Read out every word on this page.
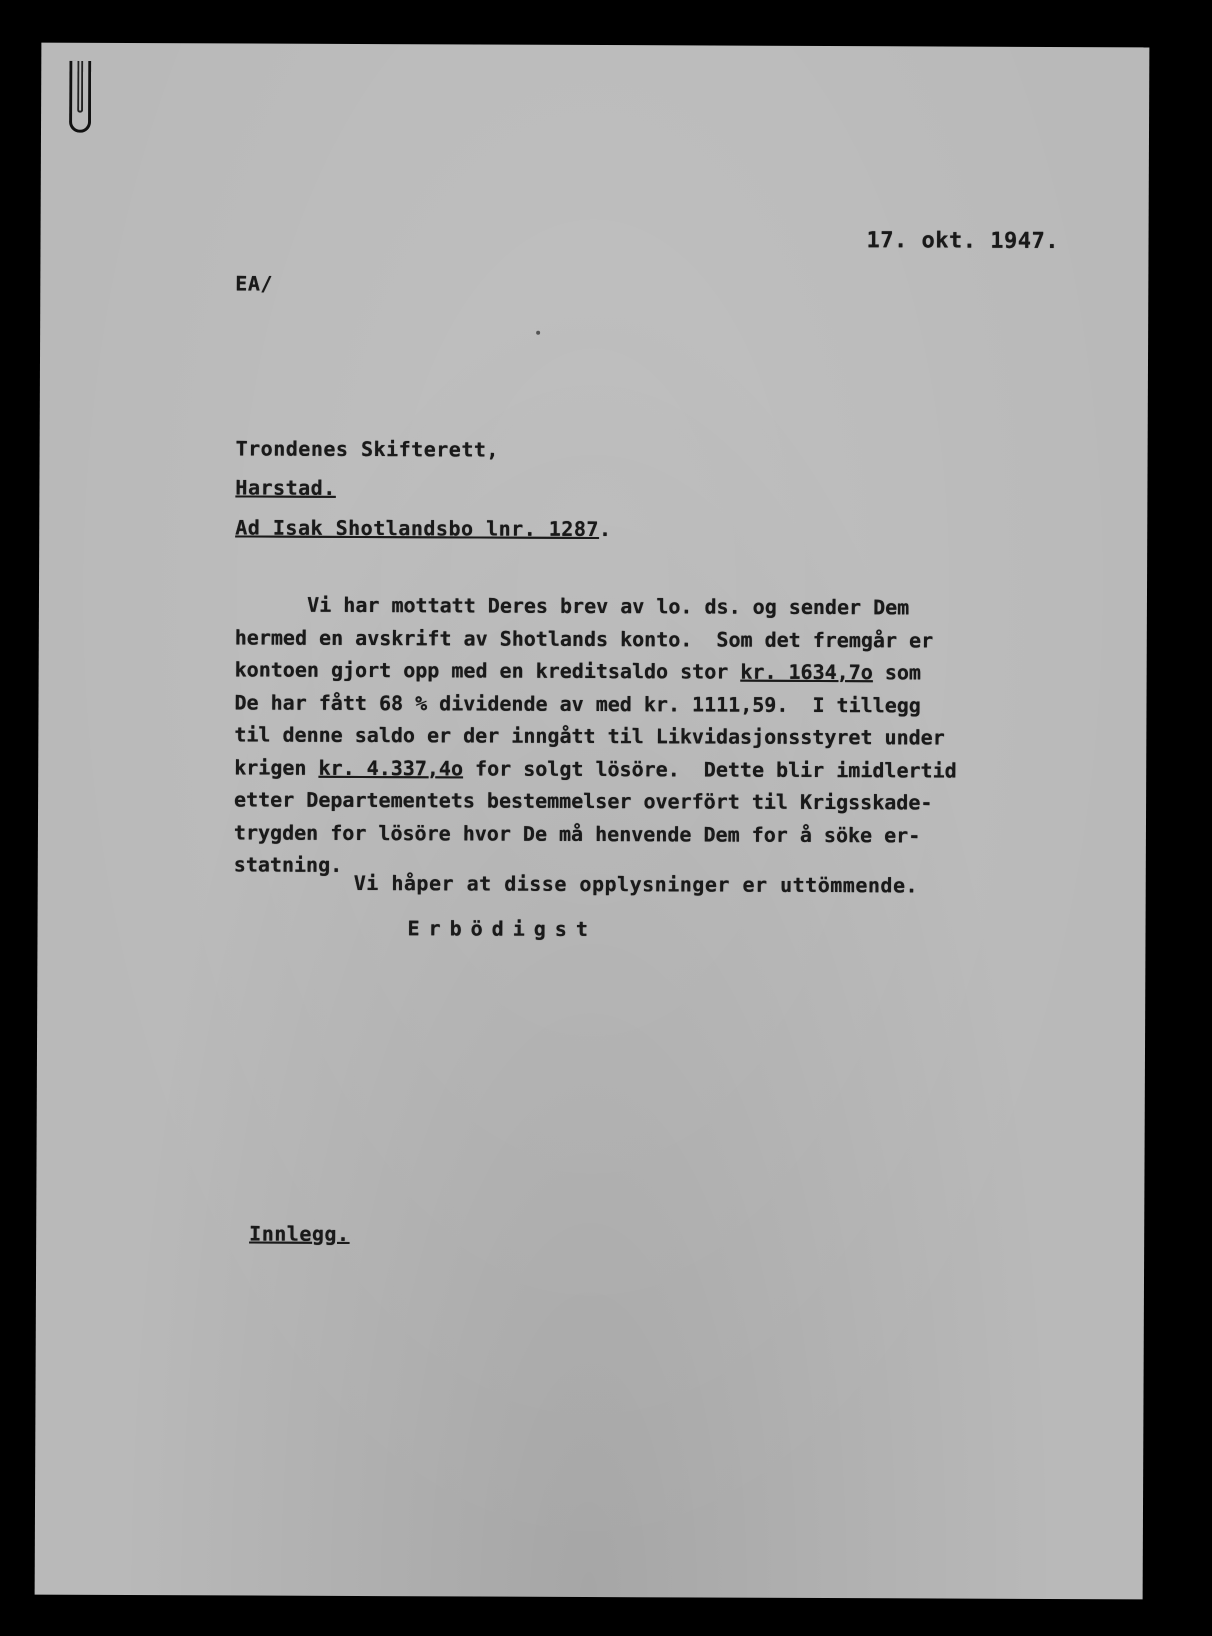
17. okt. 1947.
EA/
Trondenes Skifterett,
Harstad.
Ad Isak Shotlandsbo lnr. 1287.
Vi har mottatt Deres brev av lo. ds. og sender Dem
hermed en avskrift av Shotlands konto.  Som det fremgår er
kontoen gjort opp med en kreditsaldo stor kr. 1634,7o som
De har fått 68 % dividende av med kr. 1111,59.  I tillegg
til denne saldo er der inngått til Likvidasjonsstyret under
krigen kr. 4.337,4o for solgt lösöre.  Dette blir imidlertid
etter Departementets bestemmelser overfört til Krigsskade-
trygden for lösöre hvor De må henvende Dem for å söke er-
statning.
Vi håper at disse opplysninger er uttömmende.
Erbödigst
Innlegg.
